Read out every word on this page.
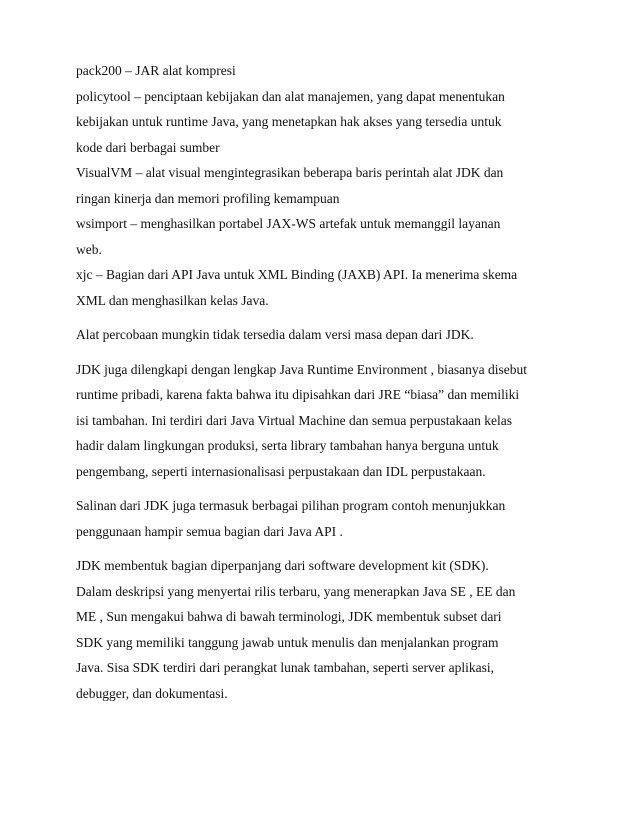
pack200 – JAR alat kompresi
policytool – penciptaan kebijakan dan alat manajemen, yang dapat menentukan
kebijakan untuk runtime Java, yang menetapkan hak akses yang tersedia untuk
kode dari berbagai sumber
VisualVM – alat visual mengintegrasikan beberapa baris perintah alat JDK dan
ringan kinerja dan memori profiling kemampuan
wsimport – menghasilkan portabel JAX-WS artefak untuk memanggil layanan
web.
xjc – Bagian dari API Java untuk XML Binding (JAXB) API. Ia menerima skema
XML dan menghasilkan kelas Java.
Alat percobaan mungkin tidak tersedia dalam versi masa depan dari JDK.
JDK juga dilengkapi dengan lengkap Java Runtime Environment , biasanya disebut
runtime pribadi, karena fakta bahwa itu dipisahkan dari JRE “biasa” dan memiliki
isi tambahan. Ini terdiri dari Java Virtual Machine dan semua perpustakaan kelas
hadir dalam lingkungan produksi, serta library tambahan hanya berguna untuk
pengembang, seperti internasionalisasi perpustakaan dan IDL perpustakaan.
Salinan dari JDK juga termasuk berbagai pilihan program contoh menunjukkan
penggunaan hampir semua bagian dari Java API .
JDK membentuk bagian diperpanjang dari software development kit (SDK).
Dalam deskripsi yang menyertai rilis terbaru, yang menerapkan Java SE , EE dan
ME , Sun mengakui bahwa di bawah terminologi, JDK membentuk subset dari
SDK yang memiliki tanggung jawab untuk menulis dan menjalankan program
Java. Sisa SDK terdiri dari perangkat lunak tambahan, seperti server aplikasi,
debugger, dan dokumentasi.
